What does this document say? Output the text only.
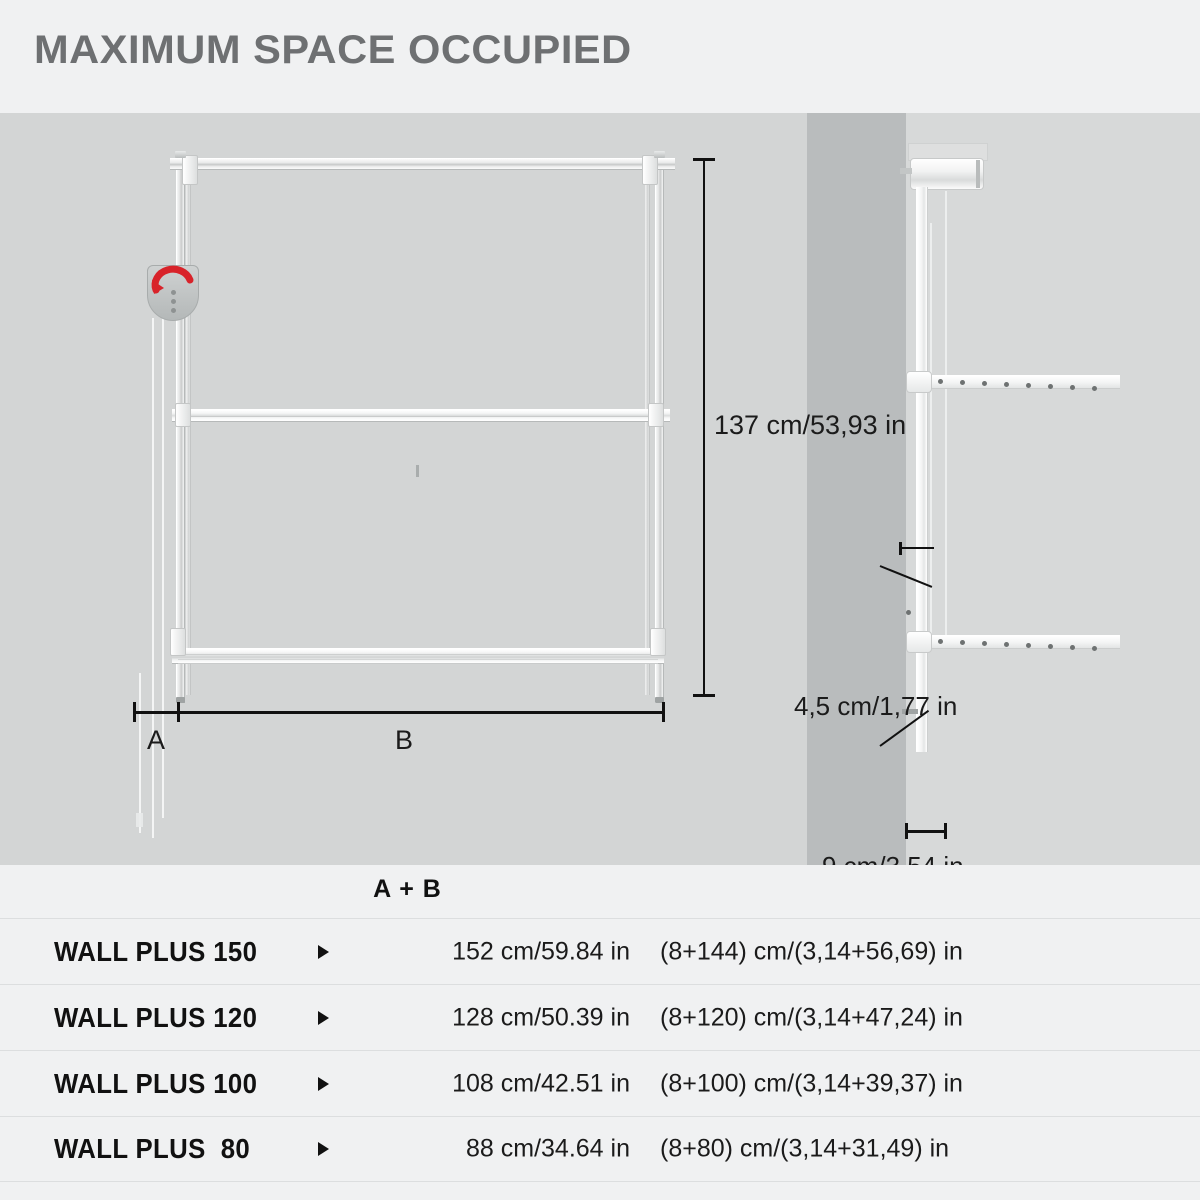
MAXIMUM SPACE OCCUPIED
137 cm/53,93 in
A	B
4,5 cm/1,77 in
A + B
WALL PLUS 150	152 cm/59.84 in (8+144) cm/(3,14+56,69) in
WALL PLUS 120	128 cm/50.39 in (8+120) cm/(3,14+47,24) in
WALL PLUS 100	108 cm/42.51 in (8+100) cm/(3,14+39,37) in
WALL PLUS  80	88 cm/34.64 in (8+80) cm/(3,14+31,49) in
